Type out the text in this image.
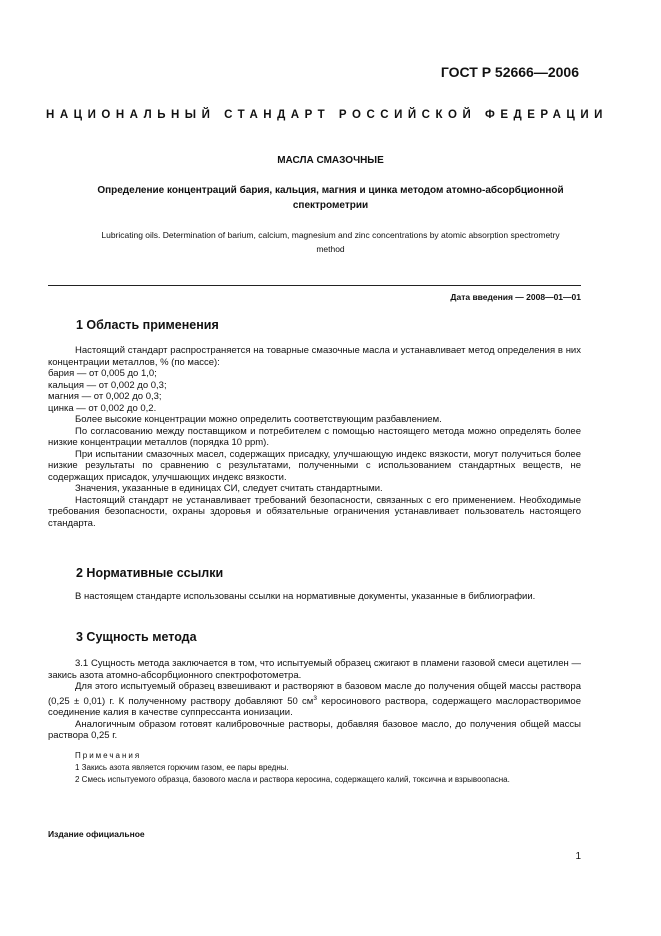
ГОСТ Р 52666—2006
НАЦИОНАЛЬНЫЙ СТАНДАРТ РОССИЙСКОЙ ФЕДЕРАЦИИ
МАСЛА СМАЗОЧНЫЕ
Определение концентраций бария, кальция, магния и цинка методом атомно-абсорбционной спектрометрии
Lubricating oils. Determination of barium, calcium, magnesium and zinc concentrations by atomic absorption spectrometry method
Дата введения — 2008—01—01
1 Область применения

Настоящий стандарт распространяется на товарные смазочные масла и устанавливает метод определения в них концентрации металлов, % (по массе):

бария — от 0,005 до 1,0;

кальция — от 0,002 до 0,3;

магния — от 0,002 до 0,3;

цинка — от 0,002 до 0,2.

Более высокие концентрации можно определить соответствующим разбавлением.

По согласованию между поставщиком и потребителем с помощью настоящего метода можно определять более низкие концентрации металлов (порядка 10 ppm).

При испытании смазочных масел, содержащих присадку, улучшающую индекс вязкости, могут получиться более низкие результаты по сравнению с результатами, полученными с использованием стандартных веществ, не содержащих присадок, улучшающих индекс вязкости.

Значения, указанные в единицах СИ, следует считать стандартными.

Настоящий стандарт не устанавливает требований безопасности, связанных с его применением. Необходимые требования безопасности, охраны здоровья и обязательные ограничения устанавливает пользователь настоящего стандарта.

2 Нормативные ссылки

В настоящем стандарте использованы ссылки на нормативные документы, указанные в библиографии.

3 Сущность метода

3.1 Сущность метода заключается в том, что испытуемый образец сжигают в пламени газовой смеси ацетилен — закись азота атомно-абсорбционного спектрофотометра.

Для этого испытуемый образец взвешивают и растворяют в базовом масле до получения общей массы раствора (0,25 ± 0,01) г. К полученному раствору добавляют 50 $см^3$ керосинового раствора, содержащего маслорастворимое соединение калия в качестве суппрессанта ионизации.

Аналогичным образом готовят калибровочные растворы, добавляя базовое масло, до получения общей массы раствора 0,25 г.

Примечания

1 Закись азота является горючим газом, ее пары вредны.

2 Смесь испытуемого образца, базового масла и раствора керосина, содержащего калий, токсична и взрывоопасна.

Издание официальное
1
